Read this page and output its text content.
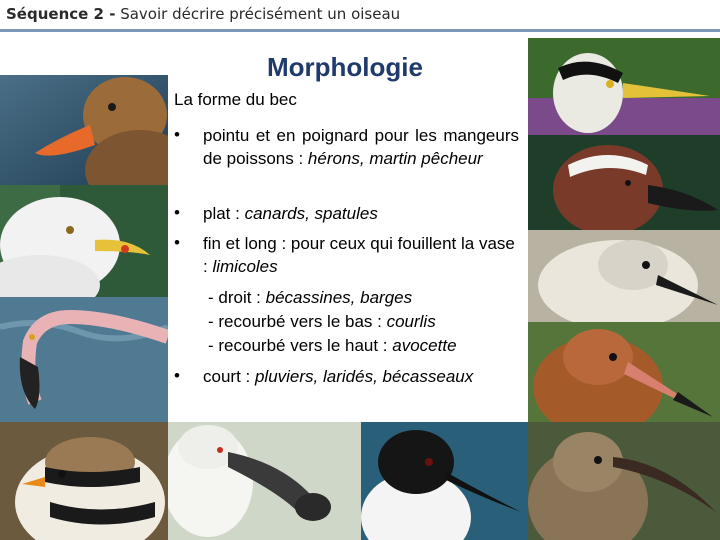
Séquence 2 - Savoir décrire précisément un oiseau
Morphologie
La forme du bec
• pointu et en poignard pour les mangeurs de poissons : hérons, martin pêcheur
• plat : canards, spatules
• fin et long : pour ceux qui fouillent la vase : limicoles
- droit : bécassines, barges
- recourbé vers le bas : courlis
- recourbé vers le haut : avocette
• court : pluviers, laridés, bécasseaux
